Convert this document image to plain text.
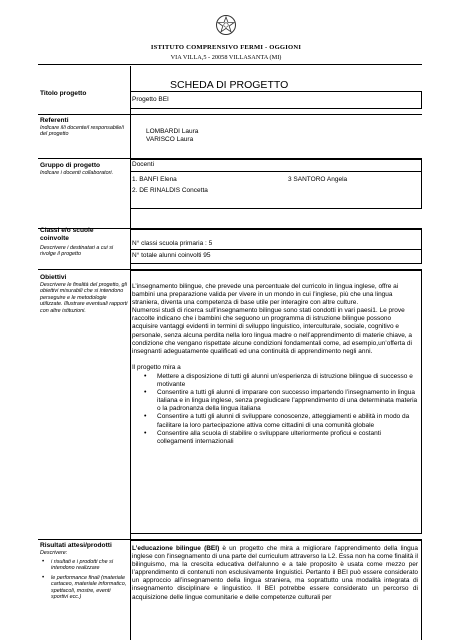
ISTITUTO COMPRENSIVO FERMI - OGGIONI
VIA VILLA,5 - 20058 VILLASANTA (MI)
SCHEDA DI PROGETTO
Titolo progetto
Progetto BEI
Referenti
Indicare il/i docente/i responsabile/i del progetto	LOMBARDI Laura
VARISCO Laura
Gruppo di progetto
Indicare i docenti collaboratori.
Docenti
1. BANFI Elena	3 SANTORO Angela
2. DE RINALDIS Concetta
Classi e/o scuole coinvolte
Descrivere i destinatari a cui si rivolge il progetto
N° classi scuola primaria : 5
N° totale alunni coinvolti 95
Obiettivi
Descrivere le finalità del progetto, gli obiettivi misurabili che si intendono perseguire e le metodologie utilizzate. Illustrare eventuali rapporti con altre istituzioni.
L’insegnamento bilingue, che prevede una percentuale del curricolo in lingua inglese, offre ai bambini una preparazione valida per vivere in un mondo in cui l’inglese, più che una lingua straniera, diventa una competenza di base utile per interagire con altre culture.
Numerosi studi di ricerca sull’insegnamento bilingue sono stati condotti in vari paesi1. Le prove raccolte indicano che i bambini che seguono un programma di istruzione bilingue possono acquisire vantaggi evidenti in termini di sviluppo linguistico, interculturale, sociale, cognitivo e personale, senza alcuna perdita nella loro lingua madre o nell’apprendimento di materie chiave, a condizione che vengano rispettate alcune condizioni fondamentali come, ad esempio,un’offerta di insegnanti adeguatamente qualificati ed una continuità di apprendimento negli anni.
Il progetto mira a
• Mettere a disposizione di tutti gli alunni un’esperienza di istruzione bilingue di successo e motivante
• Consentire a tutti gli alunni di imparare con successo impartendo l’insegnamento in lingua italiana e in lingua inglese, senza pregiudicare l’apprendimento di una determinata materia o la padronanza della lingua italiana
• Consentire a tutti gli alunni di sviluppare conoscenze, atteggiamenti e abilità in modo da facilitare la loro partecipazione attiva come cittadini di una comunità globale
• Consentire alla scuola di stabilire o sviluppare ulteriormente proficui e costanti collegamenti internazionali
Risultati attesi/prodotti
Descrivere:
• i risultati e i prodotti che si intendono realizzare
• le performance finali (materiale cartaceo, materiale informatico, spettacoli, mostre, eventi sportivi ecc.)
L’educazione bilingue (BEI) è un progetto che mira a migliorare l'apprendimento della lingua inglese con l'insegnamento di una parte del curriculum attraverso la L2. Essa non ha come finalità il bilinguismo, ma la crescita educativa dell'alunno e a tale proposito è usata come mezzo per l’apprendimento di contenuti non esclusivamente linguistici. Pertanto il BEI può essere considerato un approccio all’insegnamento della lingua straniera, ma soprattutto una modalità integrata di insegnamento disciplinare e linguistico. Il BEI potrebbe essere considerato un percorso di acquisizione delle lingue comunitarie e delle competenze culturali per
